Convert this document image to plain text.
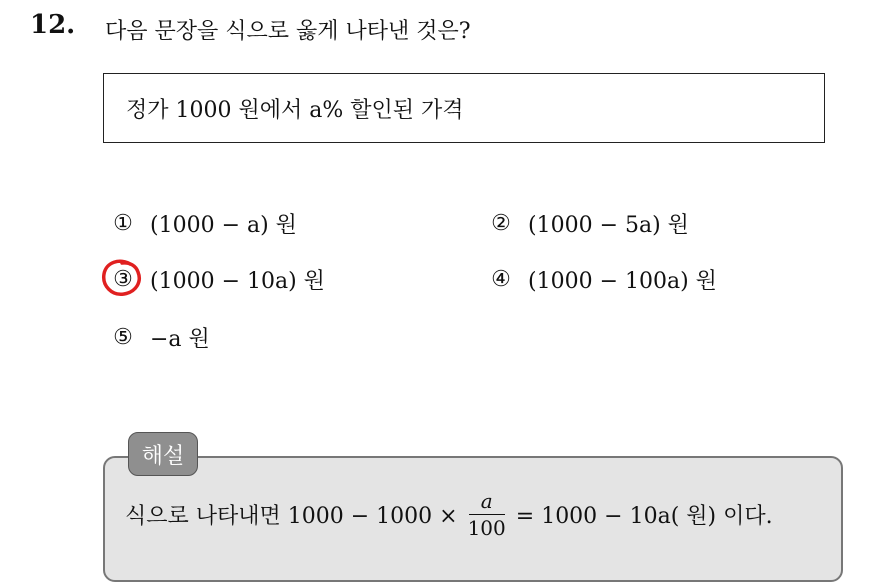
12. 다음 문장을 식으로 옳게 나타낸 것은?
정가 1000 원에서 a% 할인된 가격
① (1000 − a) 원	② (1000 − 5a) 원
③ (1000 − 10a) 원	④ (1000 − 100a) 원
⑤ −a 원
해설
식으로 나타내면 $1000 - 1000 \times \frac{a}{100} = 1000 - 10a$( 원) 이다.
